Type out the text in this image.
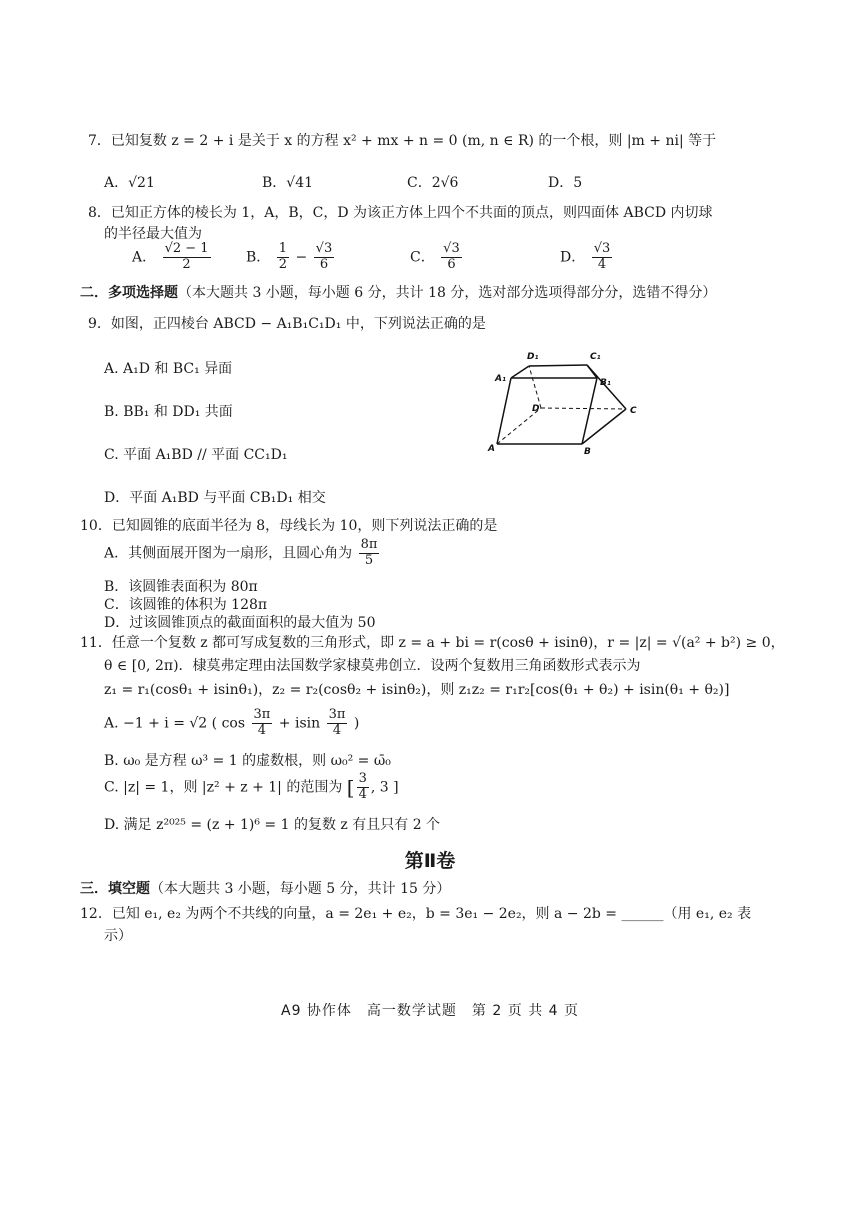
7．已知复数 z = 2 + i 是关于 x 的方程 x² + mx + n = 0 (m, n ∈ R) 的一个根，则 |m + ni| 等于
A．√21	B．√41	C．2√6	D．5
8．已知正方体的棱长为 1，A，B，C，D 为该正方体上四个不共面的顶点，则四面体 ABCD 内切球
的半径最大值为
A． $\frac{√2 - 1}{2}$	B． $\frac{1}{2} - \frac{√3}{6}$	C． $\frac{√3}{6}$	D． $\frac{√3}{4}$
二．多项选择题（本大题共 3 小题，每小题 6 分，共计 18 分，选对部分选项得部分分，选错不得分）
9．如图，正四棱台 ABCD − A₁B₁C₁D₁ 中，下列说法正确的是
A. A₁D 和 BC₁ 异面
B. BB₁ 和 DD₁ 共面
C. 平面 A₁BD // 平面 CC₁D₁
D．平面 A₁BD 与平面 CB₁D₁ 相交
D₁	C₁
A₁	B₁
D	C
A	B
10．已知圆锥的底面半径为 8，母线长为 10，则下列说法正确的是
A．其侧面展开图为一扇形，且圆心角为 $\frac{8\pi}{5}$
B．该圆锥表面积为 80π
C．该圆锥的体积为 128π
D．过该圆锥顶点的截面面积的最大值为 50
11．任意一个复数 z 都可写成复数的三角形式，即 z = a + bi = r(cosθ + isinθ)，r = |z| = √(a² + b²) ≥ 0，
θ ∈ [0, 2π)．棣莫弗定理由法国数学家棣莫弗创立．设两个复数用三角函数形式表示为
z₁ = r₁(cosθ₁ + isinθ₁)，z₂ = r₂(cosθ₂ + isinθ₂)，则 z₁z₂ = r₁r₂[cos(θ₁ + θ₂) + isin(θ₁ + θ₂)]
A. −1 + i = √2 ( $\cos \frac{3\pi}{4} + isin \frac{3\pi}{4}$ )
B. ω₀ 是方程 ω³ = 1 的虚数根，则 ω₀² = ω̄₀
C. |z| = 1，则 |z² + z + 1| 的范围为 [ $\frac{3}{4}$ , 3 ]
D. 满足 z²⁰²⁵ = (z + 1)⁶ = 1 的复数 z 有且只有 2 个
第Ⅱ卷
三．填空题（本大题共 3 小题，每小题 5 分，共计 15 分）
12．已知 e₁, e₂ 为两个不共线的向量，a = 2e₁ + e₂，b = 3e₁ − 2e₂，则 a − 2b = ______（用 e₁, e₂ 表
示）
A9 协作体　高一数学试题　第 2 页 共 4 页
